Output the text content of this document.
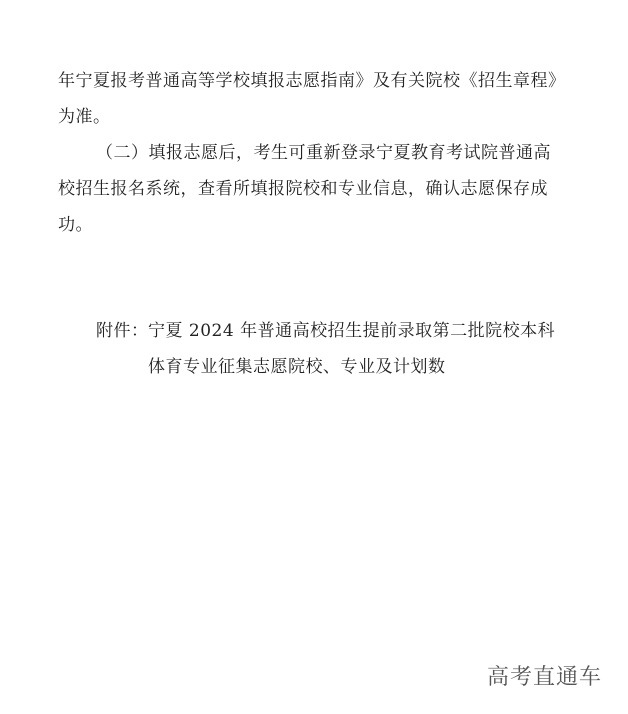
年宁夏报考普通高等学校填报志愿指南》及有关院校《招生章程》
为准。
（二）填报志愿后，考生可重新登录宁夏教育考试院普通高
校招生报名系统，查看所填报院校和专业信息，确认志愿保存成
功。
附件： 宁夏 2024 年普通高校招生提前录取第二批院校本科
体育专业征集志愿院校、专业及计划数
高考直通车
